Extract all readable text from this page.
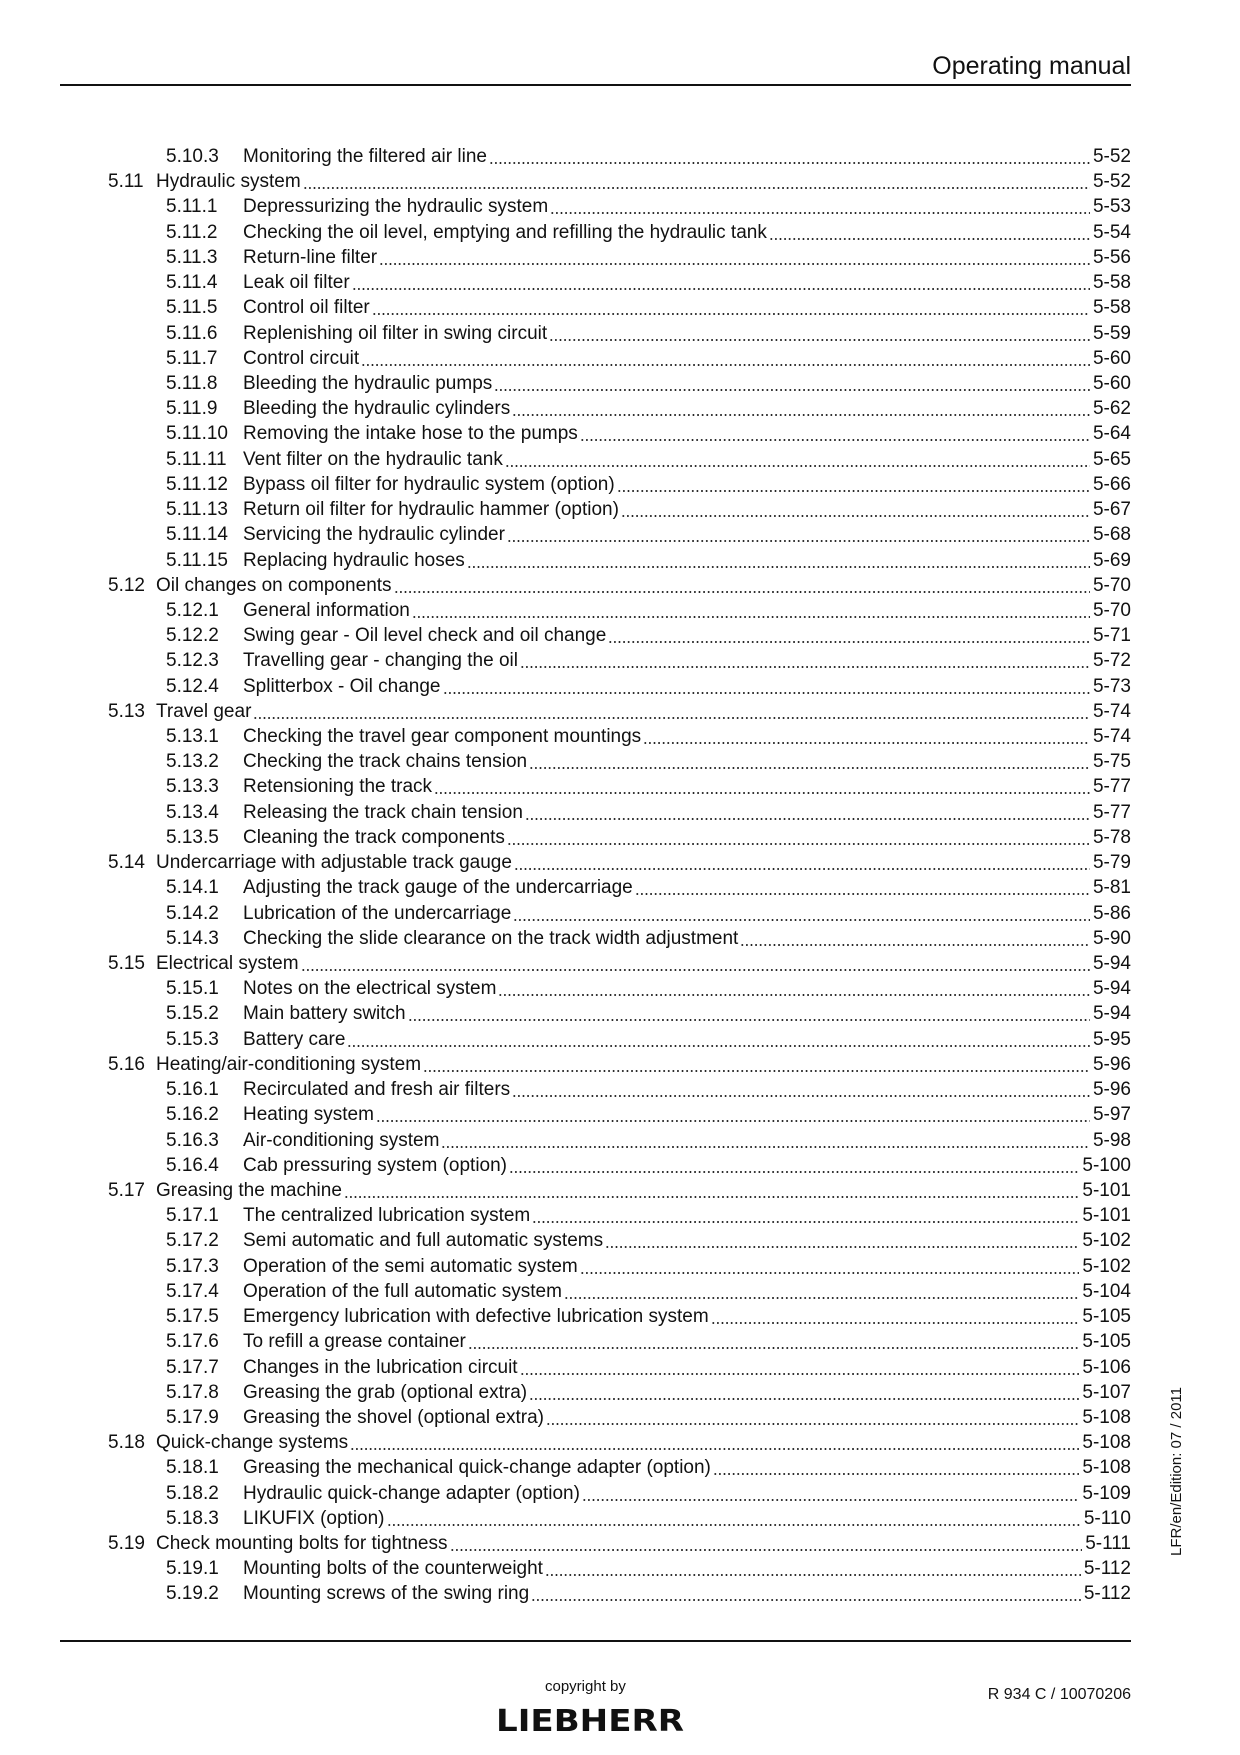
Operating manual
5.10.3	Monitoring the filtered air line	5-52
5.11 Hydraulic system	5-52
5.11.1	Depressurizing the hydraulic system	5-53
5.11.2	Checking the oil level, emptying and refilling the hydraulic tank	5-54
5.11.3	Return-line filter	5-56
5.11.4	Leak oil filter	5-58
5.11.5	Control oil filter	5-58
5.11.6	Replenishing oil filter in swing circuit	5-59
5.11.7	Control circuit	5-60
5.11.8	Bleeding the hydraulic pumps	5-60
5.11.9	Bleeding the hydraulic cylinders	5-62
5.11.10 Removing the intake hose to the pumps	5-64
5.11.11 Vent filter on the hydraulic tank	5-65
5.11.12 Bypass oil filter for hydraulic system (option)	5-66
5.11.13 Return oil filter for hydraulic hammer (option)	5-67
5.11.14 Servicing the hydraulic cylinder	5-68
5.11.15 Replacing hydraulic hoses	5-69
5.12 Oil changes on components	5-70
5.12.1	General information	5-70
5.12.2	Swing gear - Oil level check and oil change	5-71
5.12.3	Travelling gear - changing the oil	5-72
5.12.4	Splitterbox - Oil change	5-73
5.13 Travel gear	5-74
5.13.1	Checking the travel gear component mountings	5-74
5.13.2	Checking the track chains tension	5-75
5.13.3	Retensioning the track	5-77
5.13.4	Releasing the track chain tension	5-77
5.13.5	Cleaning the track components	5-78
5.14 Undercarriage with adjustable track gauge	5-79
5.14.1	Adjusting the track gauge of the undercarriage	5-81
5.14.2	Lubrication of the undercarriage	5-86
5.14.3	Checking the slide clearance on the track width adjustment	5-90
5.15 Electrical system	5-94
5.15.1	Notes on the electrical system	5-94
5.15.2	Main battery switch	5-94
5.15.3	Battery care	5-95
5.16 Heating/air-conditioning system	5-96
5.16.1	Recirculated and fresh air filters	5-96
5.16.2	Heating system	5-97
5.16.3	Air-conditioning system	5-98
5.16.4	Cab pressuring system (option)	5-100
5.17 Greasing the machine	5-101
5.17.1	The centralized lubrication system	5-101
5.17.2	Semi automatic and full automatic systems	5-102
5.17.3	Operation of the semi automatic system	5-102
5.17.4	Operation of the full automatic system	5-104
5.17.5	Emergency lubrication with defective lubrication system	5-105
5.17.6	To refill a grease container	5-105
5.17.7	Changes in the lubrication circuit	5-106
5.17.8	Greasing the grab (optional extra)	5-107
5.17.9	Greasing the shovel (optional extra)	5-108
5.18 Quick-change systems	5-108
5.18.1	Greasing the mechanical quick-change adapter (option)	5-108
5.18.2	Hydraulic quick-change adapter (option)	5-109
5.18.3	LIKUFIX (option)	5-110
5.19 Check mounting bolts for tightness	5-111
5.19.1	Mounting bolts of the counterweight	5-112
5.19.2	Mounting screws of the swing ring	5-112
LFR/en/Edition: 07 / 2011
copyright by
LIEBHERR
R 934 C / 10070206
